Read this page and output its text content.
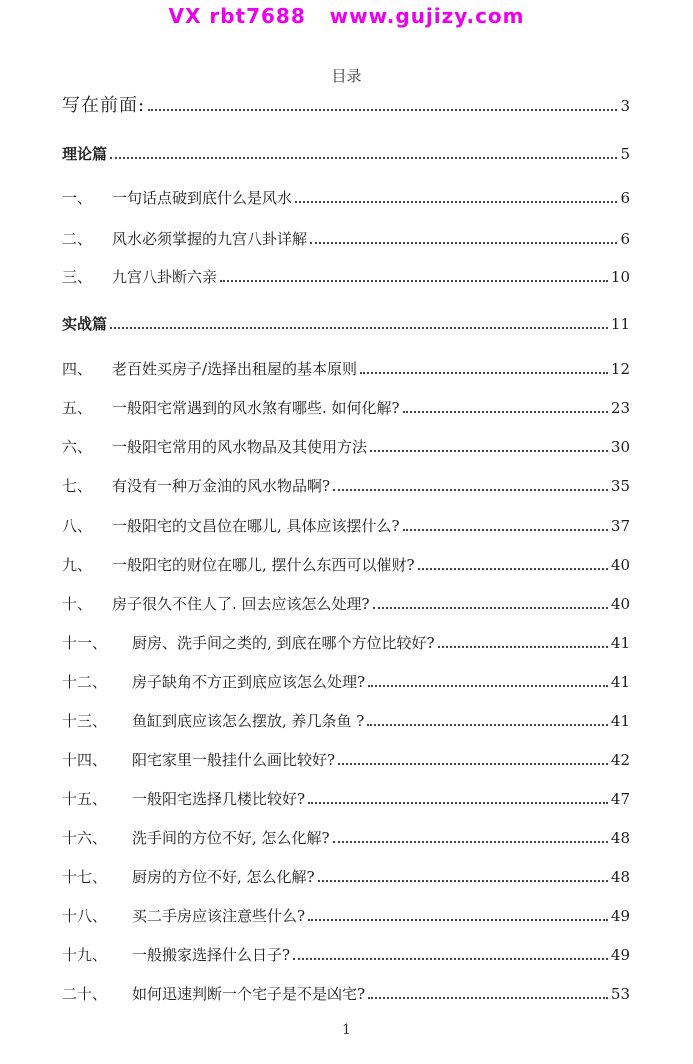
VX rbt7688   www.gujizy.com
目录
写在前面:	3
理论篇	5
一、	一句话点破到底什么是风水	6
二、	风水必须掌握的九宫八卦详解	6
三、	九宫八卦断六亲	10
实战篇	11
四、	老百姓买房子/选择出租屋的基本原则	12
五、	一般阳宅常遇到的风水煞有哪些. 如何化解?	23
六、	一般阳宅常用的风水物品及其使用方法	30
七、	有没有一种万金油的风水物品啊?	35
八、	一般阳宅的文昌位在哪儿, 具体应该摆什么?	37
九、	一般阳宅的财位在哪儿, 摆什么东西可以催财?	40
十、	房子很久不住人了. 回去应该怎么处理?	40
十一、	厨房、洗手间之类的, 到底在哪个方位比较好?	41
十二、	房子缺角不方正到底应该怎么处理?	41
十三、	鱼缸到底应该怎么摆放, 养几条鱼 ?	41
十四、	阳宅家里一般挂什么画比较好?	42
十五、	一般阳宅选择几楼比较好?	47
十六、	洗手间的方位不好, 怎么化解?	48
十七、	厨房的方位不好, 怎么化解?	48
十八、	买二手房应该注意些什么?	49
十九、	一般搬家选择什么日子?	49
二十、	如何迅速判断一个宅子是不是凶宅?	53
1
